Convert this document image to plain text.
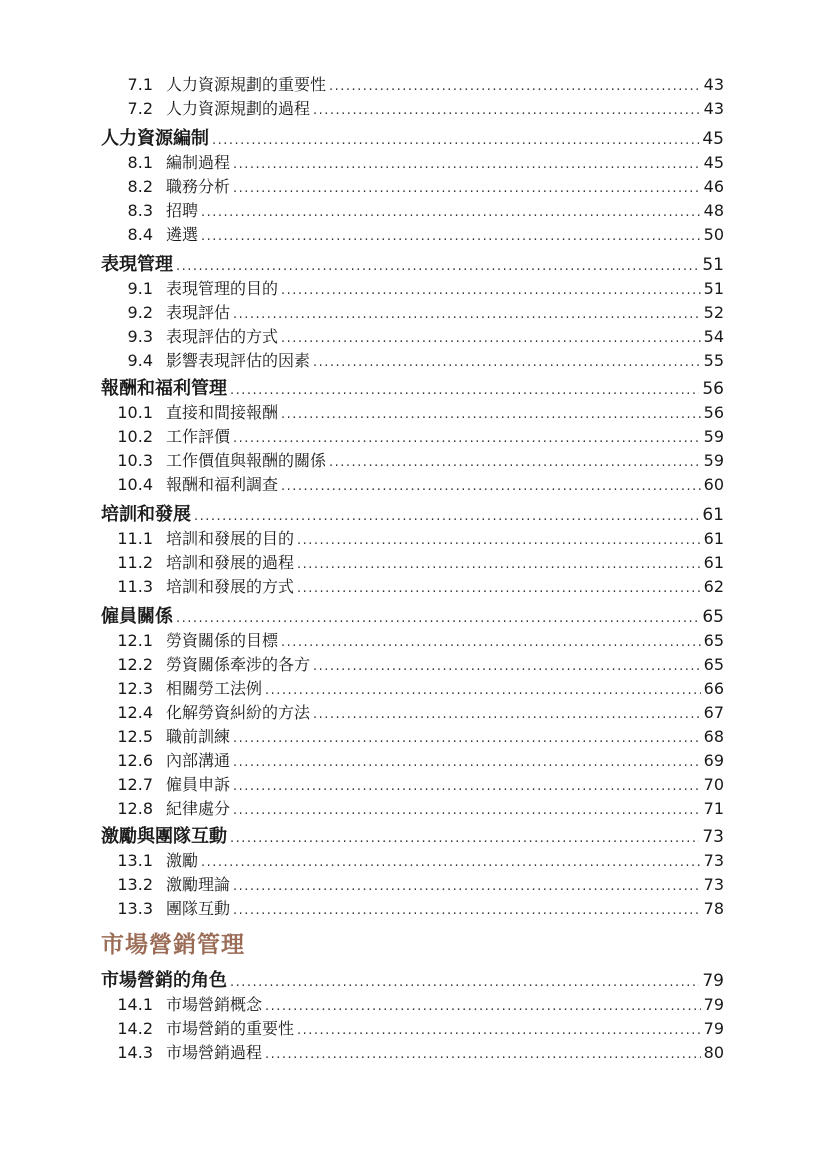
7.1 人力資源規劃的重要性 .....	43
7.2 人力資源規劃的過程 .....	43
人力資源編制 .....	45
8.1 編制過程 .....	45
8.2 職務分析 .....	46
8.3 招聘 .....	48
8.4 遴選 .....	50
表現管理 .....	51
9.1 表現管理的目的 .....	51
9.2 表現評估 .....	52
9.3 表現評估的方式 .....	54
9.4 影響表現評估的因素 .....	55
報酬和福利管理 .....	56
10.1 直接和間接報酬 .....	56
10.2 工作評價 .....	59
10.3 工作價值與報酬的關係 .....	59
10.4 報酬和福利調查 .....	60
培訓和發展 .....	61
11.1 培訓和發展的目的 .....	61
11.2 培訓和發展的過程 .....	61
11.3 培訓和發展的方式 .....	62
僱員關係 .....	65
12.1 勞資關係的目標 .....	65
12.2 勞資關係牽涉的各方 .....	65
12.3 相關勞工法例 .....	66
12.4 化解勞資糾紛的方法 .....	67
12.5 職前訓練 .....	68
12.6 內部溝通 .....	69
12.7 僱員申訴 .....	70
12.8 紀律處分 .....	71
激勵與團隊互動 .....	73
13.1 激勵 .....	73
13.2 激勵理論 .....	73
13.3 團隊互動 .....	78
市場營銷管理
市場營銷的角色 .....	79
14.1 市場營銷概念 .....	79
14.2 市場營銷的重要性 .....	79
14.3 市場營銷過程 .....	80
